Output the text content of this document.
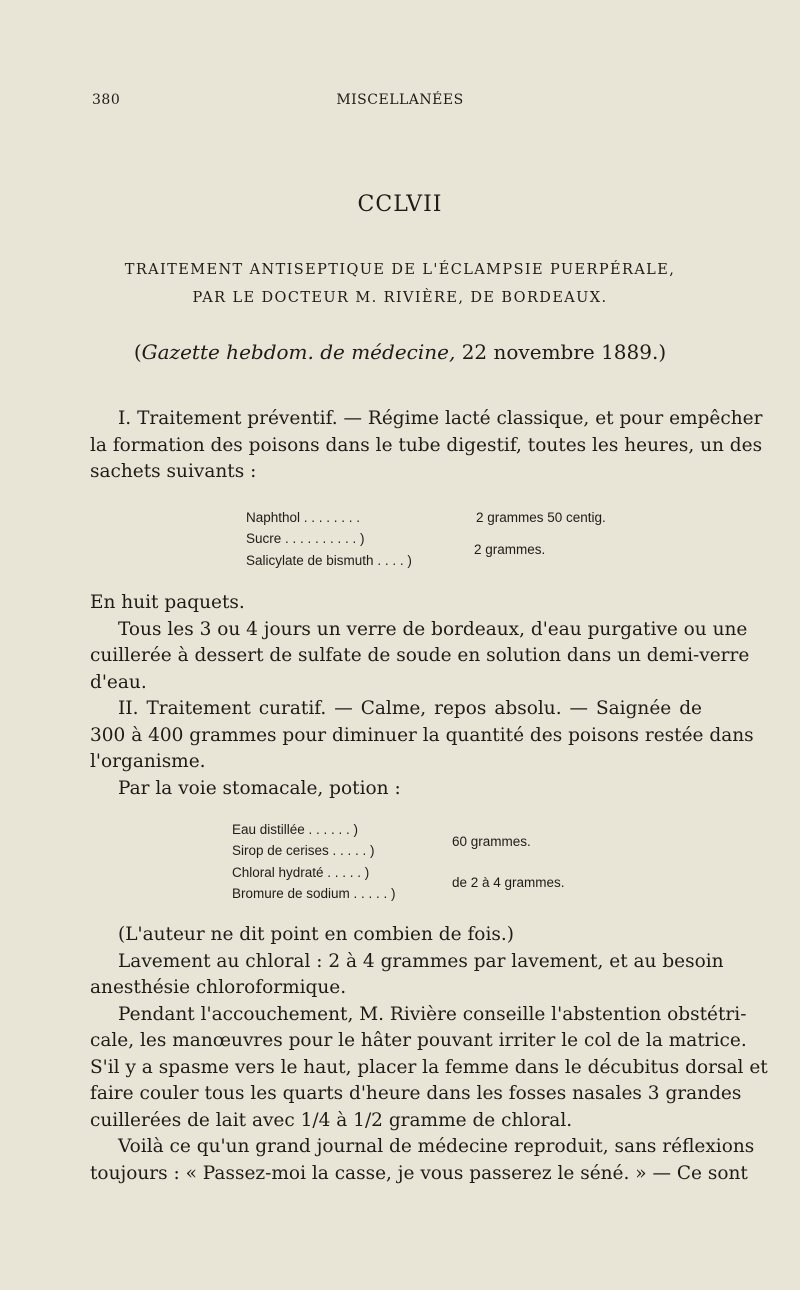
380	MISCELLANÉES
CCLVII
TRAITEMENT ANTISEPTIQUE DE L'ÉCLAMPSIE PUERPÉRALE,
PAR LE DOCTEUR M. RIVIÈRE, DE BORDEAUX.
(Gazette hebdom. de médecine, 22 novembre 1889.)
I. Traitement préventif. — Régime lacté classique, et pour empêcher
la formation des poisons dans le tube digestif, toutes les heures, un des
sachets suivants :
Naphthol . . . . . . . .	2 grammes 50 centig.
Sucre . . . . . . . . . . )
Salicylate de bismuth . . . . )
2 grammes.
En huit paquets.
Tous les 3 ou 4 jours un verre de bordeaux, d'eau purgative ou une
cuillerée à dessert de sulfate de soude en solution dans un demi-verre
d'eau.
II. Traitement curatif. — Calme, repos absolu. — Saignée de
300 à 400 grammes pour diminuer la quantité des poisons restée dans
l'organisme.
Par la voie stomacale, potion :
Eau distillée . . . . . . )
Sirop de cerises . . . . . )
Chloral hydraté . . . . . )
Bromure de sodium . . . . . )
60 grammes.
de 2 à 4 grammes.
(L'auteur ne dit point en combien de fois.)
Lavement au chloral : 2 à 4 grammes par lavement, et au besoin
anesthésie chloroformique.
Pendant l'accouchement, M. Rivière conseille l'abstention obstétri-
cale, les manœuvres pour le hâter pouvant irriter le col de la matrice.
S'il y a spasme vers le haut, placer la femme dans le décubitus dorsal et
faire couler tous les quarts d'heure dans les fosses nasales 3 grandes
cuillerées de lait avec 1/4 à 1/2 gramme de chloral.
Voilà ce qu'un grand journal de médecine reproduit, sans réflexions
toujours : « Passez-moi la casse, je vous passerez le séné. » — Ce sont
